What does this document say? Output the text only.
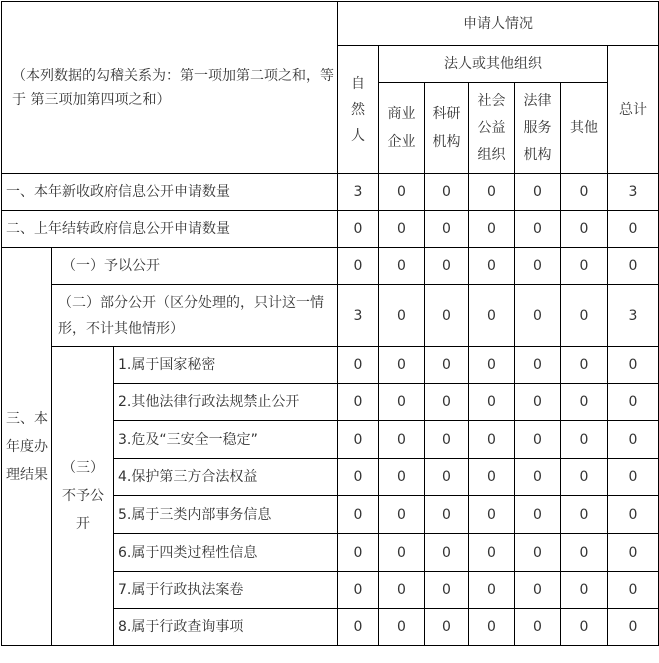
（本列数据的勾稽关系为：第一项加第二项之和，等于 第三项加第四项之和）			申请人情况						

			自然人	法人或其他组织					总计

				商业企业	科研机构	社会公益组织	法律服务机构	其他	
一、本年新收政府信息公开申请数量			3	0	0	0	0	0	3
二、上年结转政府信息公开申请数量			0	0	0	0	0	0	0

三、本年度办理结果	（一）予以公开		0	0	0	0	0	0	0
	（二）部分公开（区分处理的，只计这一情形，不计其他情形）		3	0	0	0	0	0	3

	（三）不予公开	1.属于国家秘密	0	0	0	0	0	0	0
		2.其他法律行政法规禁止公开	0	0	0	0	0	0	0
		3.危及“三安全一稳定”	0	0	0	0	0	0	0
		4.保护第三方合法权益	0	0	0	0	0	0	0
		5.属于三类内部事务信息	0	0	0	0	0	0	0
		6.属于四类过程性信息	0	0	0	0	0	0	0
		7.属于行政执法案卷	0	0	0	0	0	0	0
		8.属于行政查询事项	0	0	0	0	0	0	0
